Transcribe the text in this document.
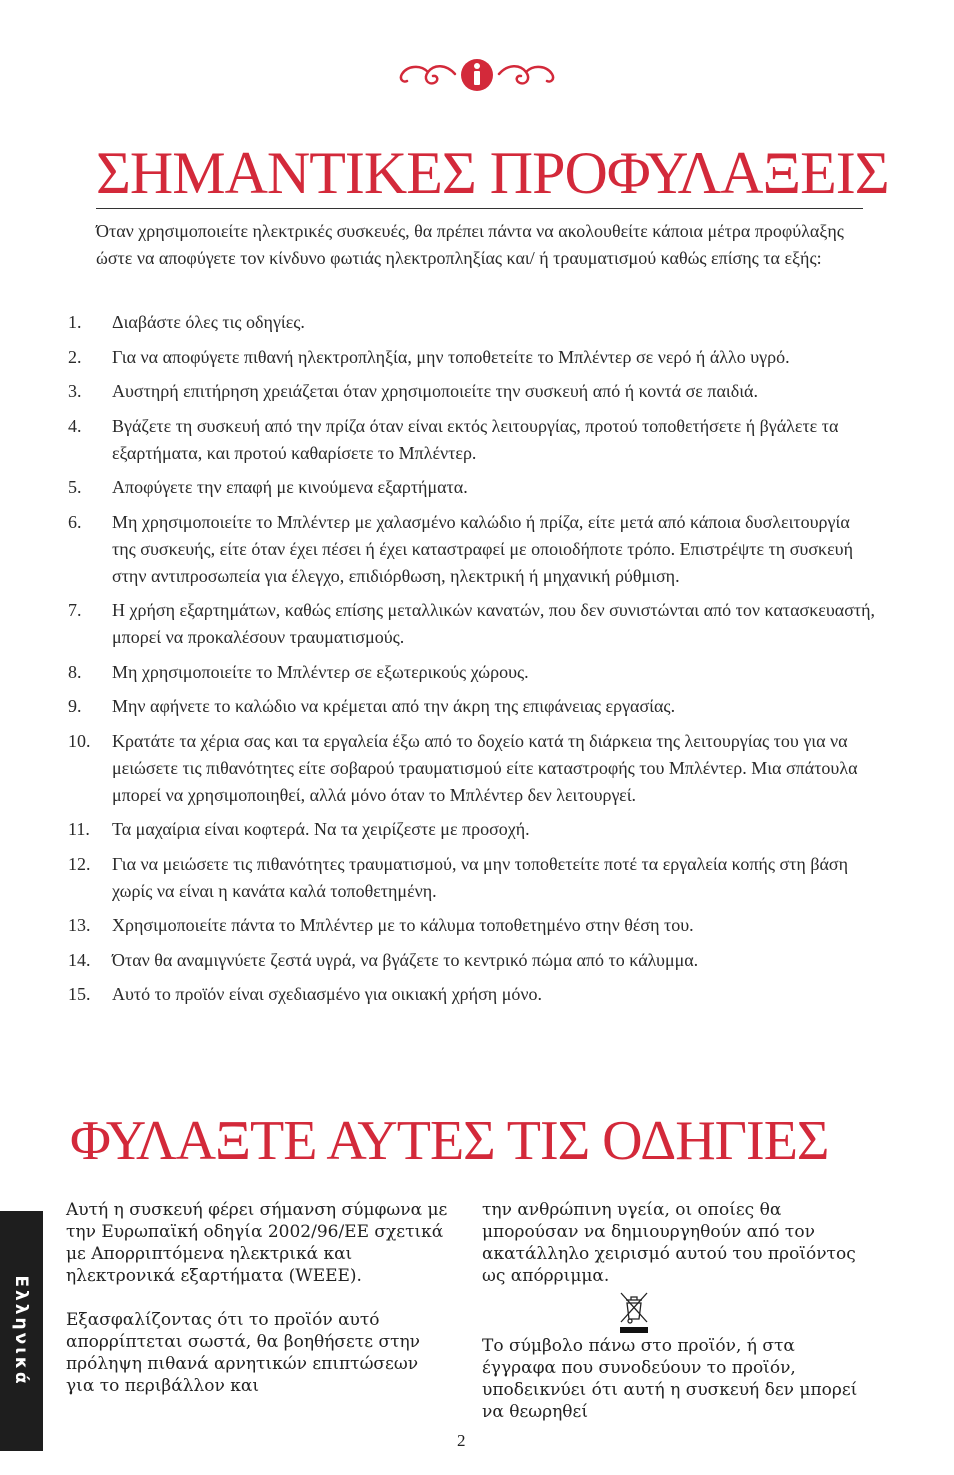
ΣΗΜΑΝΤΙΚΕΣ ΠΡΟΦΥΛΑΞΕΙΣ

Όταν χρησιμοποιείτε ηλεκτρικές συσκευές, θα πρέπει πάντα να ακολουθείτε κάποια μέτρα προφύλαξης ώστε να αποφύγετε τον κίνδυνο φωτιάς ηλεκτροπληξίας και/ ή τραυματισμού καθώς επίσης τα εξής:

1.	Διαβάστε όλες τις οδηγίες.
2.	Για να αποφύγετε πιθανή ηλεκτροπληξία, μην τοποθετείτε το Μπλέντερ σε νερό ή άλλο υγρό.
3.	Αυστηρή επιτήρηση χρειάζεται όταν χρησιμοποιείτε την συσκευή από ή κοντά σε παιδιά.
4.	Βγάζετε τη συσκευή από την πρίζα όταν είναι εκτός λειτουργίας, προτού τοποθετήσετε ή βγάλετε τα εξαρτήματα, και προτού καθαρίσετε το Μπλέντερ.
5.	Αποφύγετε την επαφή με κινούμενα εξαρτήματα.
6.	Μη χρησιμοποιείτε το Μπλέντερ με χαλασμένο καλώδιο ή πρίζα, είτε μετά από κάποια δυσλειτουργία της συσκευής, είτε όταν έχει πέσει ή έχει καταστραφεί με οποιοδήποτε τρόπο. Επιστρέψτε τη συσκευή στην αντιπροσωπεία για έλεγχο, επιδιόρθωση, ηλεκτρική ή μηχανική ρύθμιση.
7.	Η χρήση εξαρτημάτων, καθώς επίσης μεταλλικών κανατών, που δεν συνιστώνται από τον κατασκευαστή, μπορεί να προκαλέσουν τραυματισμούς.
8.	Μη χρησιμοποιείτε το Μπλέντερ σε εξωτερικούς χώρους.
9.	Μην αφήνετε το καλώδιο να κρέμεται από την άκρη της επιφάνειας εργασίας.
10.	Κρατάτε τα χέρια σας και τα εργαλεία έξω από το δοχείο κατά τη διάρκεια της λειτουργίας του για να μειώσετε τις πιθανότητες είτε σοβαρού τραυματισμού είτε καταστροφής του Μπλέντερ. Μια σπάτουλα μπορεί να χρησιμοποιηθεί, αλλά μόνο όταν το Μπλέντερ δεν λειτουργεί.
11.	Τα μαχαίρια είναι κοφτερά. Να τα χειρίζεστε με προσοχή.
12.	Για να μειώσετε τις πιθανότητες τραυματισμού, να μην τοποθετείτε ποτέ τα εργαλεία κοπής στη βάση χωρίς να είναι η κανάτα καλά τοποθετημένη.
13.	Χρησιμοποιείτε πάντα το Μπλέντερ με το κάλυμα τοποθετημένο στην θέση του.
14.	Όταν θα αναμιγνύετε ζεστά υγρά, να βγάζετε το κεντρικό πώμα από το κάλυμμα.
15.	Αυτό το προϊόν είναι σχεδιασμένο για οικιακή χρήση μόνο.
ΦΥΛΑΞΤΕ ΑΥΤΕΣ ΤΙΣ ΟΔΗΓΙΕΣ
Ελληνικά

Αυτή η συσκευή φέρει σήμανση σύμφωνα με την Ευρωπαϊκή οδηγία 2002/96/ΕΕ σχετικά με Απορριπτόμενα ηλεκτρικά και ηλεκτρονικά εξαρτήματα (WEEE).

Εξασφαλίζοντας ότι το προϊόν αυτό απορρίπτεται σωστά, θα βοηθήσετε στην πρόληψη πιθανά αρνητικών επιπτώσεων για το περιβάλλον και

την ανθρώπινη υγεία, οι οποίες θα μπορούσαν να δημιουργηθούν από τον ακατάλληλο χειρισμό αυτού του προϊόντος ως απόρριμμα.

Το σύμβολο πάνω στο προϊόν, ή στα έγγραφα που συνοδεύουν το προϊόν, υποδεικνύει ότι αυτή η συσκευή δεν μπορεί να θεωρηθεί

2
